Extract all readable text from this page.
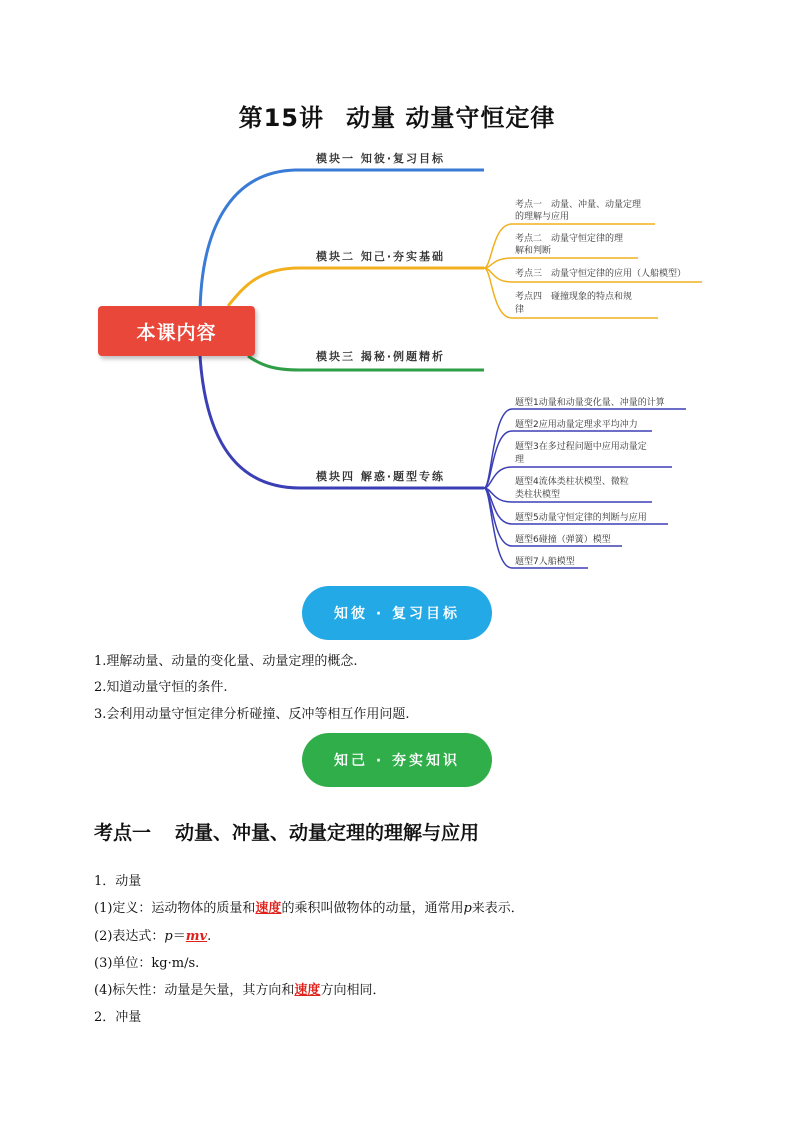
第15讲 动量 动量守恒定律
本课内容
模块一 知彼·复习目标
模块二 知己·夯实基础
模块三 揭秘·例题精析
模块四 解惑·题型专练
考点一　动量、冲量、动量定理
的理解与应用
考点二　动量守恒定律的理
解和判断
考点三　动量守恒定律的应用（人船模型）
考点四　碰撞现象的特点和规
律
题型1动量和动量变化量、冲量的计算
题型2应用动量定理求平均冲力
题型3在多过程问题中应用动量定
理
题型4流体类柱状模型、微粒
类柱状模型
题型5动量守恒定律的判断与应用
题型6碰撞（弹簧）模型
题型7人船模型
知彼 · 复习目标
1.理解动量、动量的变化量、动量定理的概念.
2.知道动量守恒的条件.
3.会利用动量守恒定律分析碰撞、反冲等相互作用问题.
知己 · 夯实知识
考点一 动量、冲量、动量定理的理解与应用
1．动量
(1)定义：运动物体的质量和速度的乘积叫做物体的动量，通常用p来表示．
(2)表达式：p＝mv.
(3)单位：kg·m/s.
(4)标矢性：动量是矢量，其方向和速度方向相同．
2．冲量
